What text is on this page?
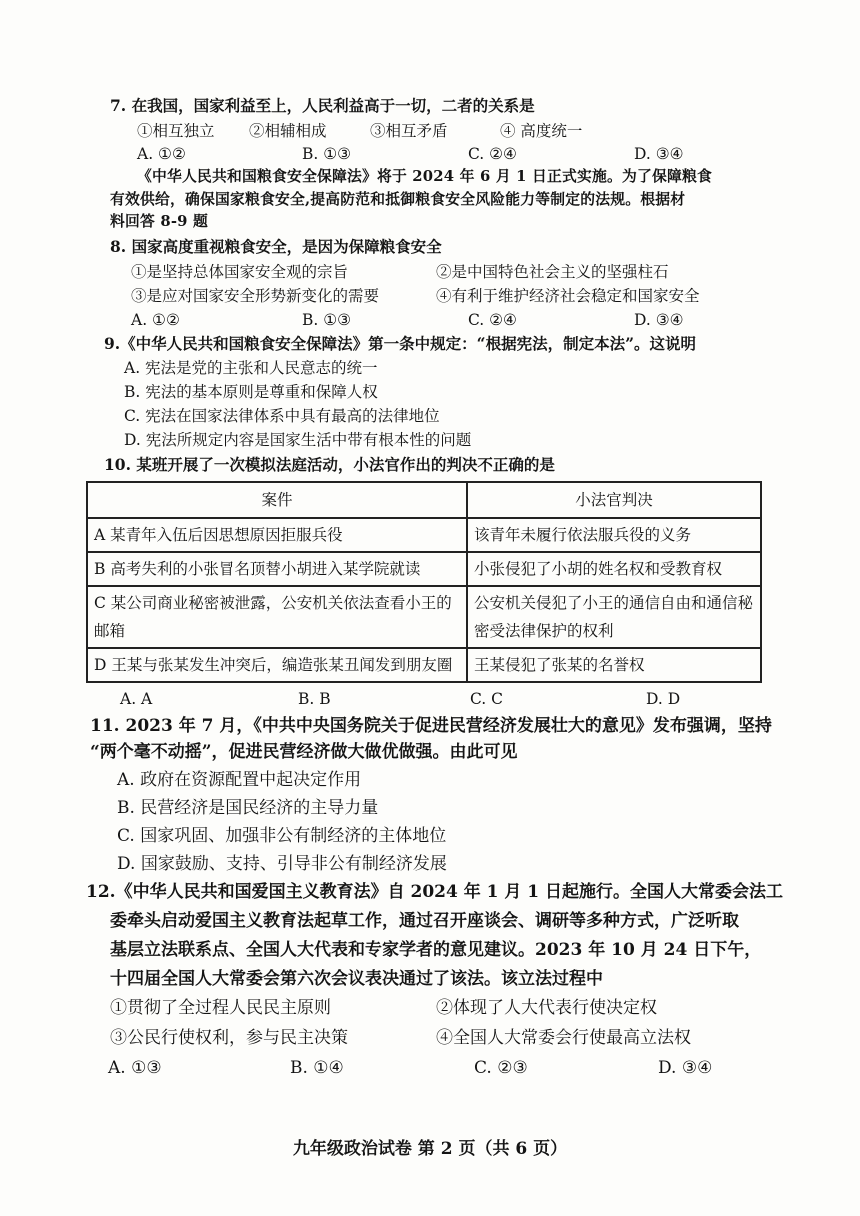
7. 在我国，国家利益至上，人民利益高于一切，二者的关系是
①相互独立 ②相辅相成	③相互矛盾	④ 高度统一
A. ①②	B. ①③	C. ②④	D. ③④
《中华人民共和国粮食安全保障法》将于 2024 年 6 月 1 日正式实施。为了保障粮食
有效供给，确保国家粮食安全,提高防范和抵御粮食安全风险能力等制定的法规。根据材
料回答 8-9 题
8. 国家高度重视粮食安全，是因为保障粮食安全
①是坚持总体国家安全观的宗旨	②是中国特色社会主义的坚强柱石
③是应对国家安全形势新变化的需要	④有利于维护经济社会稳定和国家安全
A. ①②	B. ①③	C. ②④	D. ③④
9.《中华人民共和国粮食安全保障法》第一条中规定：“根据宪法，制定本法”。这说明
A. 宪法是党的主张和人民意志的统一
B. 宪法的基本原则是尊重和保障人权
C. 宪法在国家法律体系中具有最高的法律地位
D. 宪法所规定内容是国家生活中带有根本性的问题
10. 某班开展了一次模拟法庭活动，小法官作出的判决不正确的是
案件	小法官判决
A 某青年入伍后因思想原因拒服兵役	该青年未履行依法服兵役的义务
B 高考失利的小张冒名顶替小胡进入某学院就读	小张侵犯了小胡的姓名权和受教育权
C 某公司商业秘密被泄露，公安机关依法查看小王的邮箱	公安机关侵犯了小王的通信自由和通信秘密受法律保护的权利
D 王某与张某发生冲突后，编造张某丑闻发到朋友圈	王某侵犯了张某的名誉权
A. A	B. B	C. C	D. D
11. 2023 年 7 月，《中共中央国务院关于促进民营经济发展壮大的意见》发布强调，坚持
“两个毫不动摇”，促进民营经济做大做优做强。由此可见
A. 政府在资源配置中起决定作用
B. 民营经济是国民经济的主导力量
C. 国家巩固、加强非公有制经济的主体地位
D. 国家鼓励、支持、引导非公有制经济发展
12.《中华人民共和国爱国主义教育法》自 2024 年 1 月 1 日起施行。全国人大常委会法工
委牵头启动爱国主义教育法起草工作，通过召开座谈会、调研等多种方式，广泛听取
基层立法联系点、全国人大代表和专家学者的意见建议。2023 年 10 月 24 日下午，
十四届全国人大常委会第六次会议表决通过了该法。该立法过程中
①贯彻了全过程人民民主原则	②体现了人大代表行使决定权
③公民行使权利，参与民主决策	④全国人大常委会行使最高立法权
A. ①③	B. ①④	C. ②③	D. ③④
九年级政治试卷 第 2 页（共 6 页）
